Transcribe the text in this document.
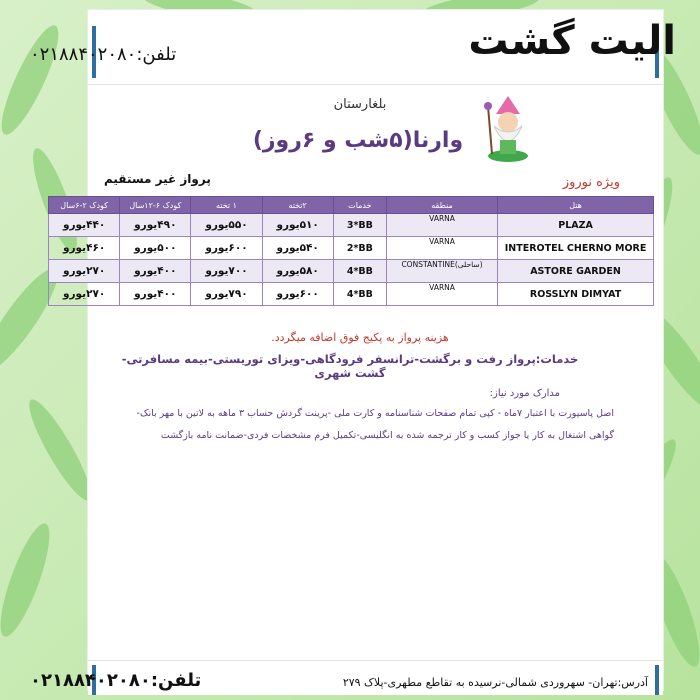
الیت گشت
تلفن:۰۲۱۸۸۴۰۲۰۸۰
بلغارستان
وارنا(۵شب و ۶روز)
ویژه نوروز
پرواز غیر مستقیم
هتل	منطقه	خدمات	۲تخته	۱ تخته	کودک ۶-۱۲سال	کودک ۲-۶سال
PLAZA	VARNA	3*BB	۵۱۰یورو	۵۵۰یورو	۴۹۰یورو	۴۴۰یورو
INTEROTEL CHERNO MORE	VARNA	2*BB	۵۴۰یورو	۶۰۰یورو	۵۰۰یورو	۴۶۰یورو
ASTORE GARDEN	(ساحلی)CONSTANTINE	4*BB	۵۸۰یورو	۷۰۰یورو	۴۰۰یورو	۲۷۰یورو
ROSSLYN DIMYAT	VARNA	4*BB	۶۰۰یورو	۷۹۰یورو	۴۰۰یورو	۲۷۰یورو
هزینه پرواز به پکیج فوق اضافه میگردد.
خدمات:پرواز رفت و برگشت-ترانسفر فرودگاهی-ویزای توریستی-بیمه مسافرتی-گشت شهری
مدارک مورد نیاز:
اصل پاسپورت با اعتبار ۷ماه - کپی تمام صفحات شناسنامه و کارت ملی -پرینت گردش حساب ۳ ماهه به لاتین با مهر بانک-
گواهی اشتغال به کار یا جواز کسب و کار ترجمه شده به انگلیسی-تکمیل فرم مشخصات فردی-ضمانت نامه بازگشت
تلفن:۰۲۱۸۸۴۰۲۰۸۰	آدرس:تهران- سهروردی شمالی-نرسیده به تقاطع مطهری-پلاک ۲۷۹
